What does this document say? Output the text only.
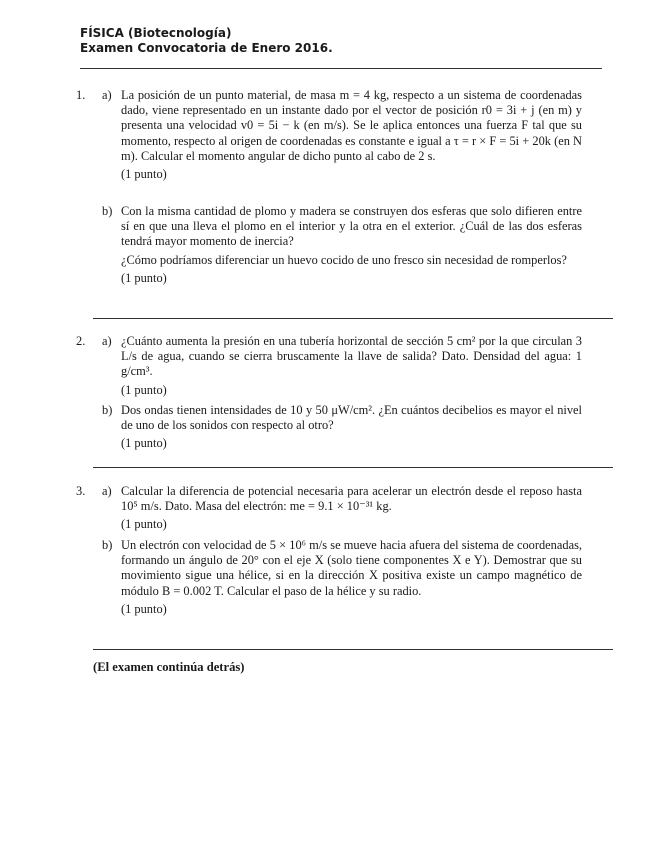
FÍSICA (Biotecnología)
Examen Convocatoria de Enero 2016.
1. a) La posición de un punto material, de masa m = 4 kg, respecto a un sistema de coordenadas dado, viene representado en un instante dado por el vector de posición r0 = 3i + j (en m) y presenta una velocidad v0 = 5i − k (en m/s). Se le aplica entonces una fuerza F tal que su momento, respecto al origen de coordenadas es constante e igual a τ = r × F = 5i + 20k (en N m). Calcular el momento angular de dicho punto al cabo de 2 s.

(1 punto)

b) Con la misma cantidad de plomo y madera se construyen dos esferas que solo difieren entre sí en que una lleva el plomo en el interior y la otra en el exterior. ¿Cuál de las dos esferas tendrá mayor momento de inercia?

¿Cómo podríamos diferenciar un huevo cocido de uno fresco sin necesidad de romperlos?

(1 punto)

2. a) ¿Cuánto aumenta la presión en una tubería horizontal de sección 5 cm² por la que circulan 3 L/s de agua, cuando se cierra bruscamente la llave de salida? Dato. Densidad del agua: 1 g/cm³.

(1 punto)

b) Dos ondas tienen intensidades de 10 y 50 μW/cm². ¿En cuántos decibelios es mayor el nivel de uno de los sonidos con respecto al otro?

(1 punto)

3. a) Calcular la diferencia de potencial necesaria para acelerar un electrón desde el reposo hasta 10⁵ m/s. Dato. Masa del electrón: me = 9.1 × 10⁻³¹ kg.

(1 punto)

b) Un electrón con velocidad de 5 × 10⁶ m/s se mueve hacia afuera del sistema de coordenadas, formando un ángulo de 20° con el eje X (solo tiene componentes X e Y). Demostrar que su movimiento sigue una hélice, si en la dirección X positiva existe un campo magnético de módulo B = 0.002 T. Calcular el paso de la hélice y su radio.

(1 punto)

(El examen continúa detrás)
